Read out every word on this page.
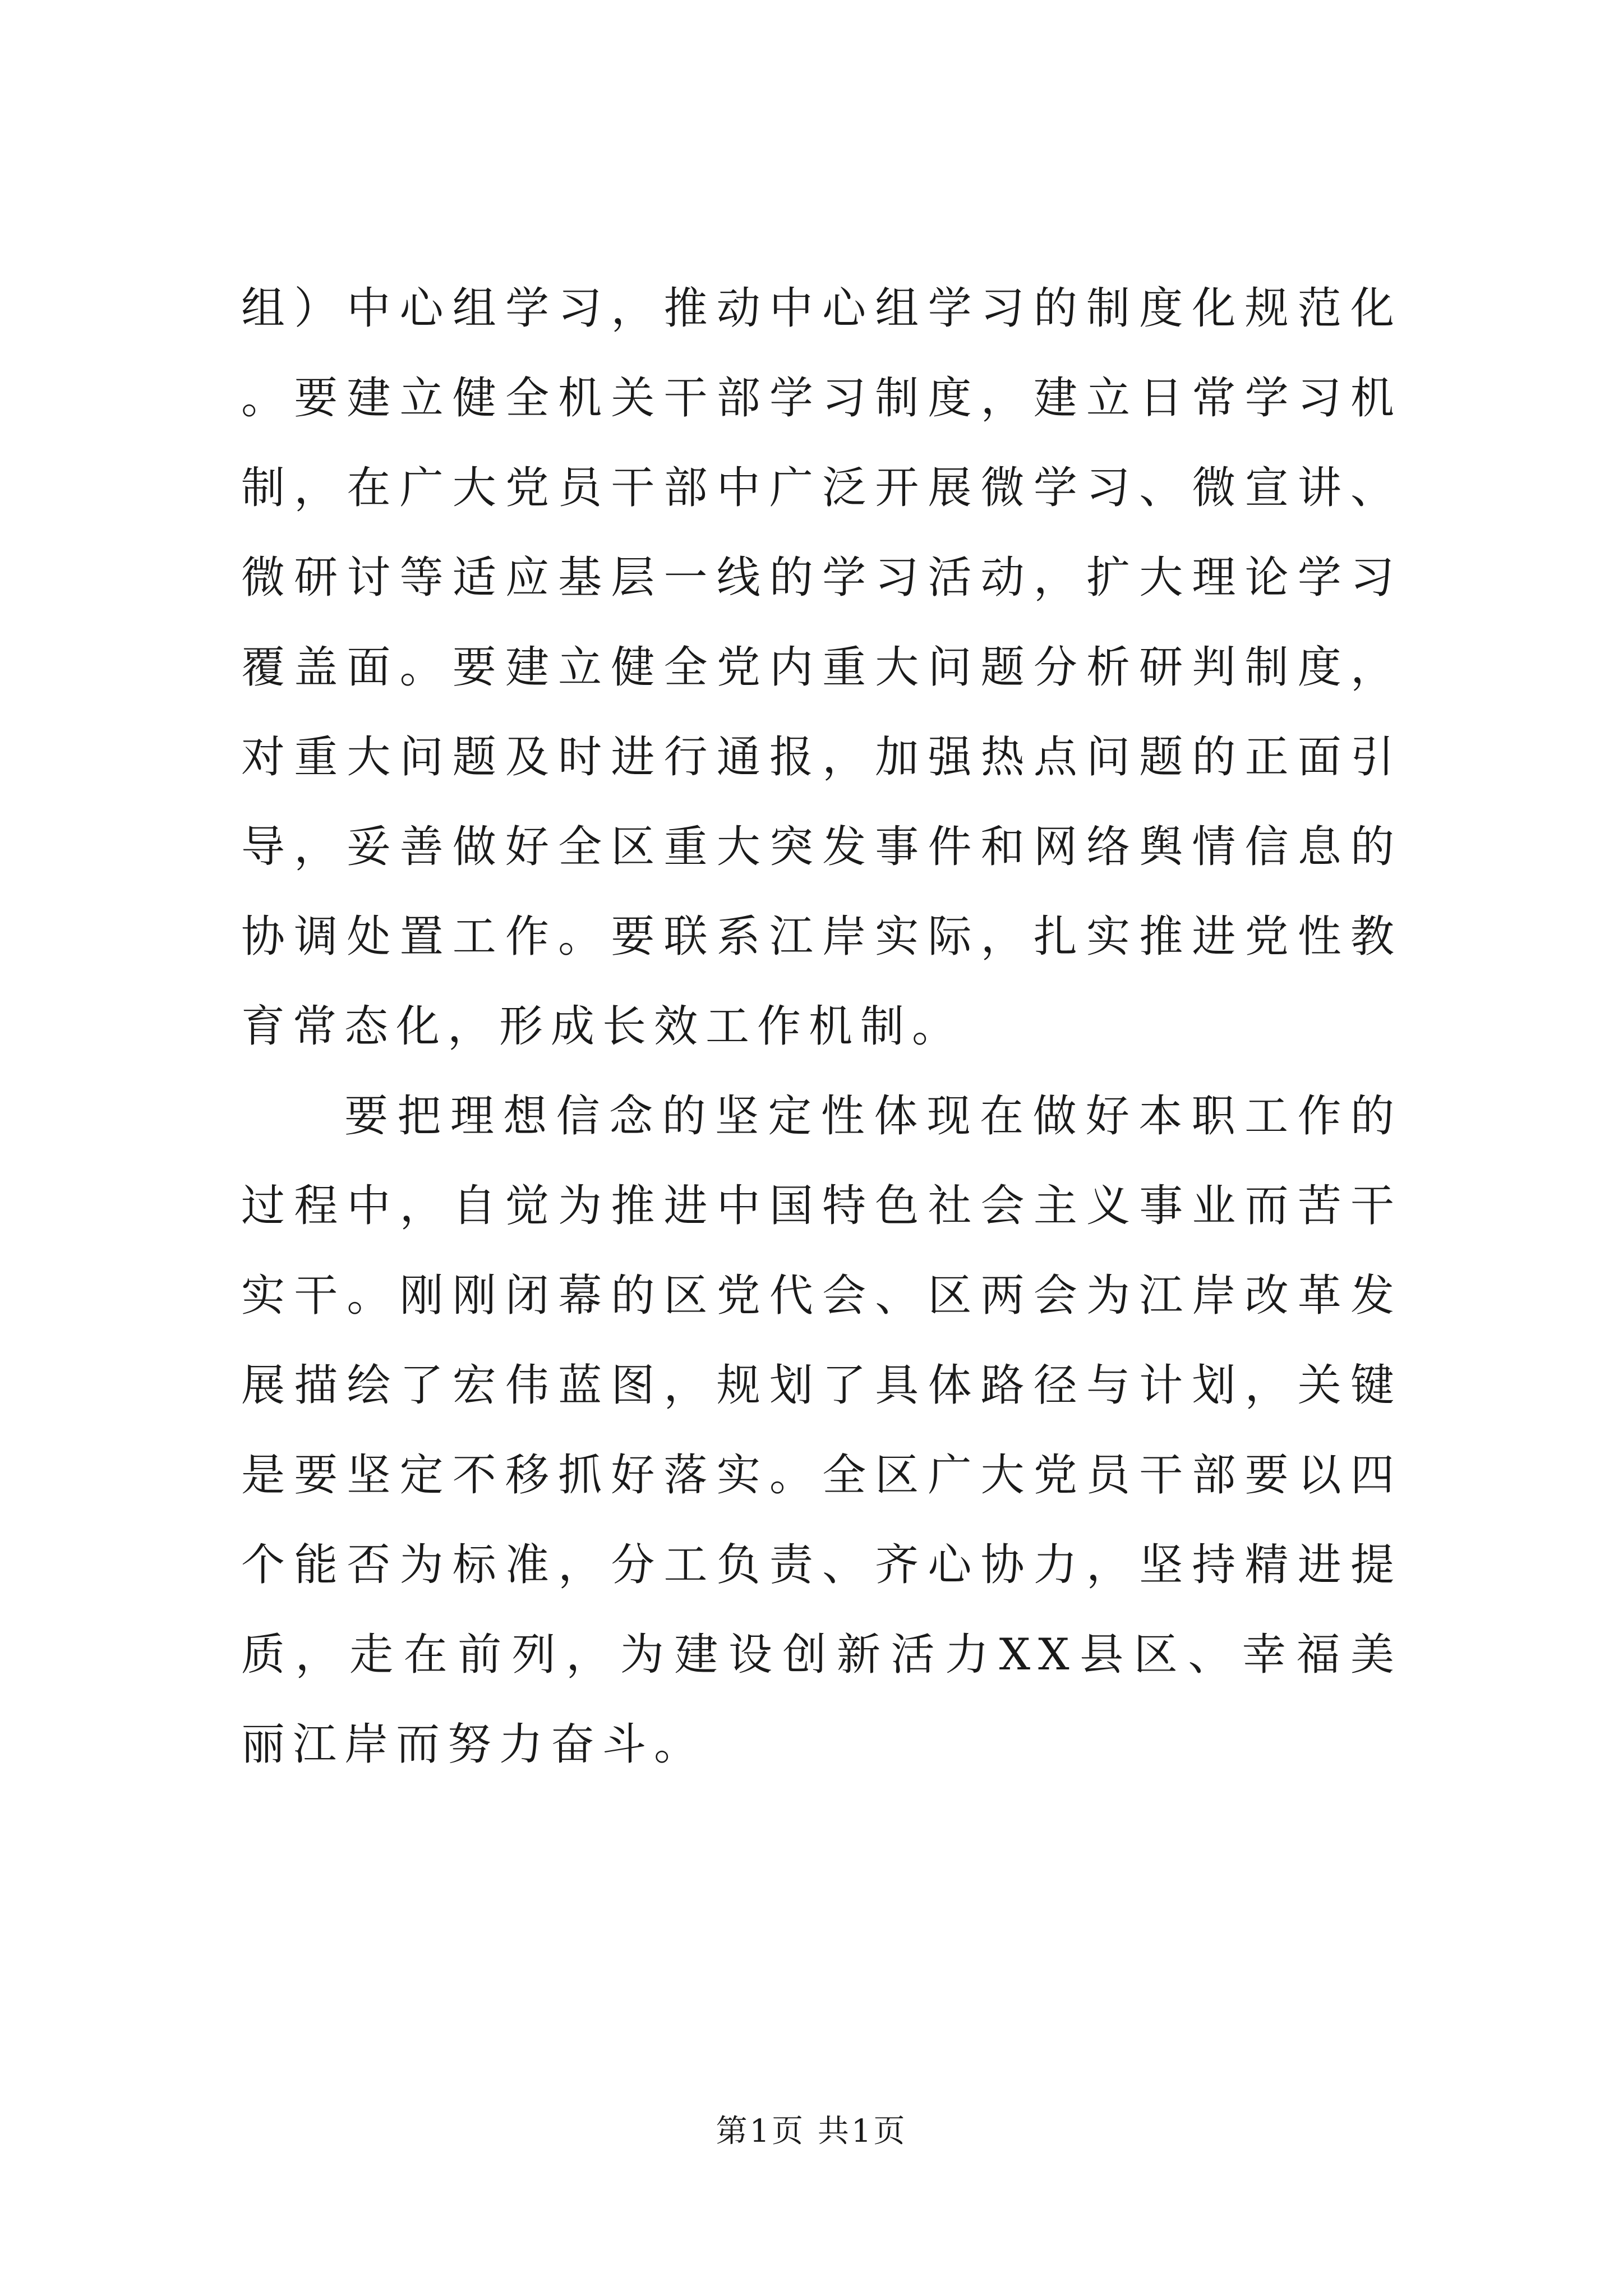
组）中心组学习，推动中心组学习的制度化规范化。要建立健全机关干部学习制度，建立日常学习机制，在广大党员干部中广泛开展微学习、微宣讲、微研讨等适应基层一线的学习活动，扩大理论学习覆盖面。要建立健全党内重大问题分析研判制度，对重大问题及时进行通报，加强热点问题的正面引导，妥善做好全区重大突发事件和网络舆情信息的协调处置工作。要联系江岸实际，扎实推进党性教育常态化，形成长效工作机制。

要把理想信念的坚定性体现在做好本职工作的过程中，自觉为推进中国特色社会主义事业而苦干实干。刚刚闭幕的区党代会、区两会为江岸改革发展描绘了宏伟蓝图，规划了具体路径与计划，关键是要坚定不移抓好落实。全区广大党员干部要以四个能否为标准，分工负责、齐心协力，坚持精进提质，走在前列，为建设创新活力XX县区、幸福美丽江岸而努力奋斗。

第1页 共1页
